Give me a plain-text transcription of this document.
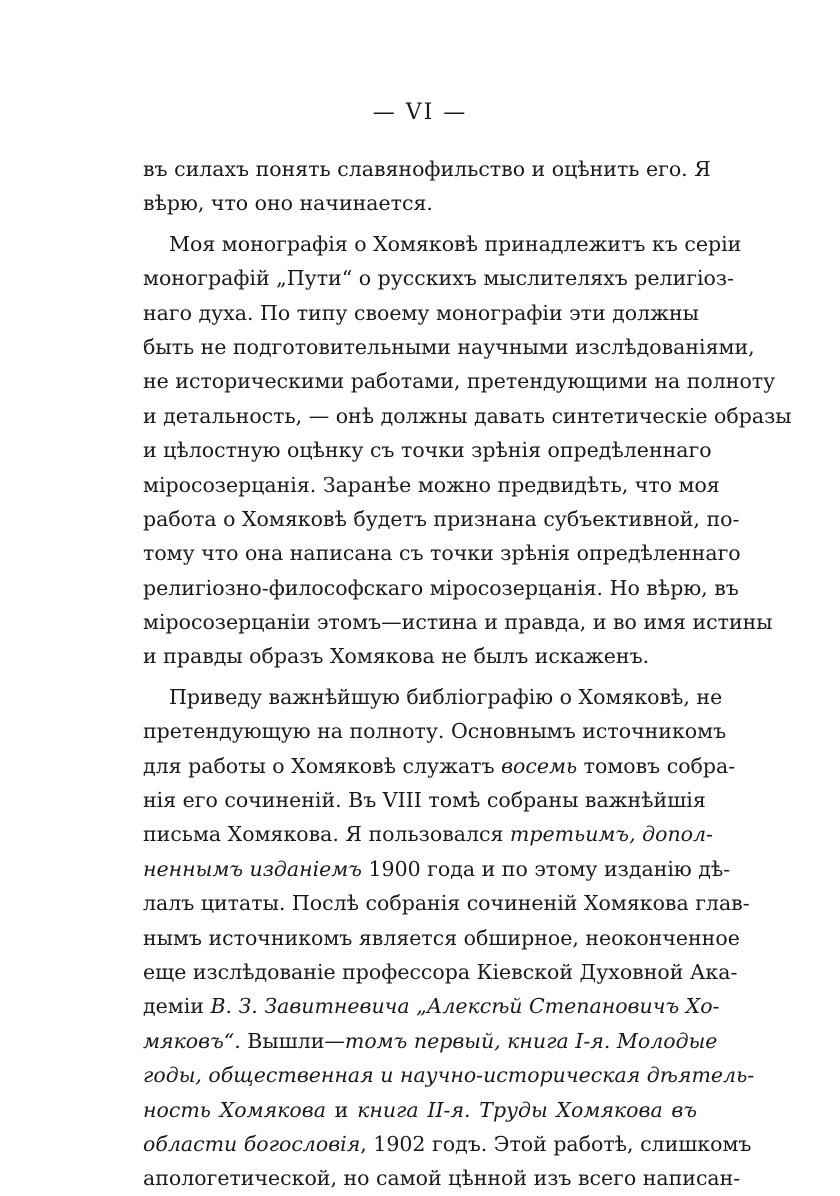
— VI —
въ силахъ понять славянофильство и оцѣнить его. Я
вѣрю, что оно начинается.
Моя монографія о Хомяковѣ принадлежитъ къ серіи
монографій „Пути“ о русскихъ мыслителяхъ религіоз-
наго духа. По типу своему монографіи эти должны
быть не подготовительными научными изслѣдованіями,
не историческими работами, претендующими на полноту
и детальность, — онѣ должны давать синтетическіе образы
и цѣлостную оцѣнку съ точки зрѣнія опредѣленнаго
міросозерцанія. Заранѣе можно предвидѣть, что моя
работа о Хомяковѣ будетъ признана субъективной, по-
тому что она написана съ точки зрѣнія опредѣленнаго
религіозно-философскаго міросозерцанія. Но вѣрю, въ
міросозерцаніи этомъ—истина и правда, и во имя истины
и правды образъ Хомякова не былъ искаженъ.
Приведу важнѣйшую библіографію о Хомяковѣ, не
претендующую на полноту. Основнымъ источникомъ
для работы о Хомяковѣ служатъ восемь томовъ собра-
нія его сочиненій. Въ VIII томѣ собраны важнѣйшія
письма Хомякова. Я пользовался третьимъ, допол-
неннымъ изданіемъ 1900 года и по этому изданію дѣ-
лалъ цитаты. Послѣ собранія сочиненій Хомякова глав-
нымъ источникомъ является обширное, неоконченное
еще изслѣдованіе профессора Кіевской Духовной Ака-
деміи В. З. Завитневича „Алексѣй Степановичъ Хо-
мяковъ“. Вышли—томъ первый, книга I-я. Молодые
годы, общественная и научно-историческая дѣятель-
ность Хомякова и книга II-я. Труды Хомякова въ
области богословія, 1902 годъ. Этой работѣ, слишкомъ
апологетической, но самой цѣнной изъ всего написан-
